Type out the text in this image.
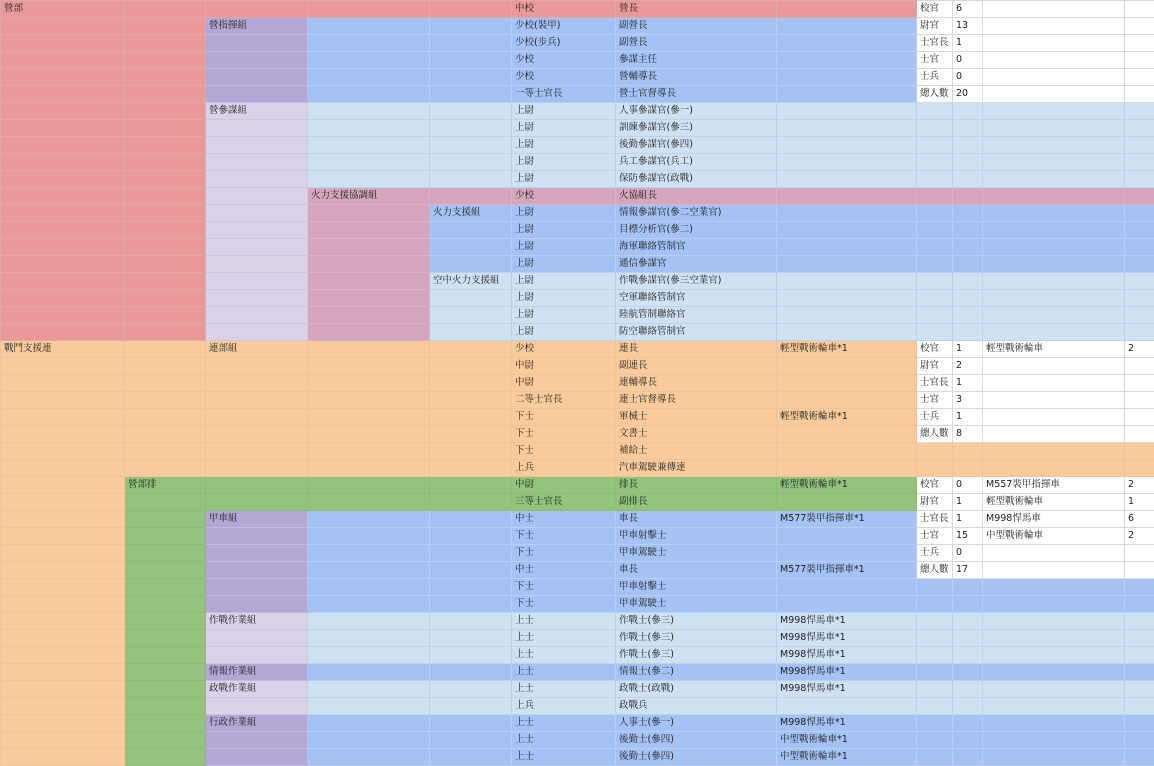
營部					中校	營長		校官	6		
		營指揮組			少校(裝甲)	副營長		尉官	13		
					少校(步兵)	副營長		士官長	1		
					少校	參謀主任		士官	0		
					少校	營輔導長		士兵	0		
					一等士官長	營士官督導長		總人數	20		
		營參謀組			上尉	人事參謀官(參一)					
					上尉	訓練參謀官(參三)					
					上尉	後勤參謀官(參四)					
					上尉	兵工參謀官(兵工)					
					上尉	保防參謀官(政戰)					
			火力支援協調組		少校	火協組長					
				火力支援組	上尉	情報參謀官(參二空業官)					
					上尉	目標分析官(參二)					
					上尉	海軍聯絡管制官					
					上尉	通信參謀官					
				空中火力支援組	上尉	作戰參謀官(參三空業官)					
					上尉	空軍聯絡管制官					
					上尉	陸航管制聯絡官					
					上尉	防空聯絡管制官					
戰鬥支援連		連部組			少校	連長	輕型戰術輪車*1	校官	1	輕型戰術輪車	2
					中尉	副連長		尉官	2		
					中尉	連輔導長		士官長	1		
					二等士官長	連士官督導長		士官	3		
					下士	軍械士	輕型戰術輪車*1	士兵	1		
					下士	文書士		總人數	8		
					下士	補給士					
					上兵	汽車駕駛兼傳達					
	營部排				中尉	排長	輕型戰術輪車*1	校官	0	M557裝甲指揮車	2
					三等士官長	副排長		尉官	1	輕型戰術輪車	1
		甲車組			中士	車長	M577裝甲指揮車*1	士官長	1	M998悍馬車	6
					下士	甲車射擊士		士官	15	中型戰術輪車	2
					下士	甲車駕駛士		士兵	0		
					中士	車長	M577裝甲指揮車*1	總人數	17		
					下士	甲車射擊士					
					下士	甲車駕駛士					
		作戰作業組			上士	作戰士(參三)	M998悍馬車*1				
					上士	作戰士(參三)	M998悍馬車*1				
					上士	作戰士(參三)	M998悍馬車*1				
		情報作業組			上士	情報士(參二)	M998悍馬車*1				
		政戰作業組			上士	政戰士(政戰)	M998悍馬車*1				
					上兵	政戰兵					
		行政作業組			上士	人事士(參一)	M998悍馬車*1				
					上士	後勤士(參四)	中型戰術輪車*1				
					上士	後勤士(參四)	中型戰術輪車*1				
